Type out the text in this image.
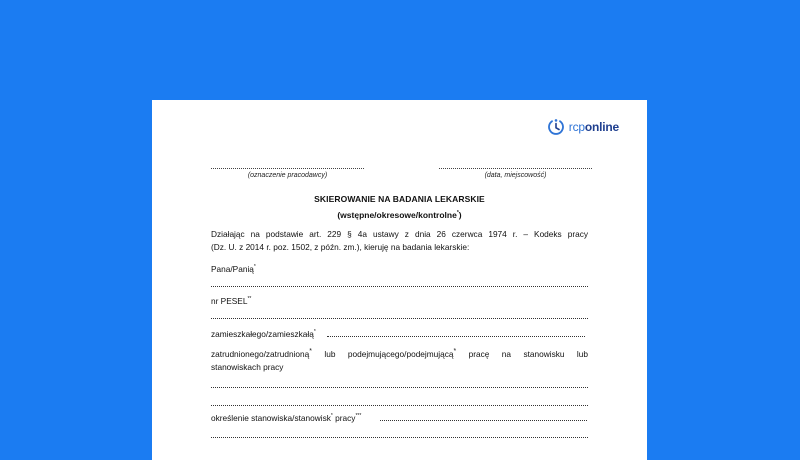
rcponline
(oznaczenie pracodawcy)	(data, miejscowość)
SKIEROWANIE NA BADANIA LEKARSKIE
(wstępne/okresowe/kontrolne*)
Działając na podstawie art. 229 § 4a ustawy z dnia 26 czerwca 1974 r. – Kodeks pracy
(Dz. U. z 2014 r. poz. 1502, z późn. zm.), kieruję na badania lekarskie:
Pana/Panią*
nr PESEL**
zamieszkałego/zamieszkałą*
zatrudnionego/zatrudnioną* lub podejmującego/podejmującą* pracę na stanowisku lub
stanowiskach pracy
określenie stanowiska/stanowisk* pracy***
